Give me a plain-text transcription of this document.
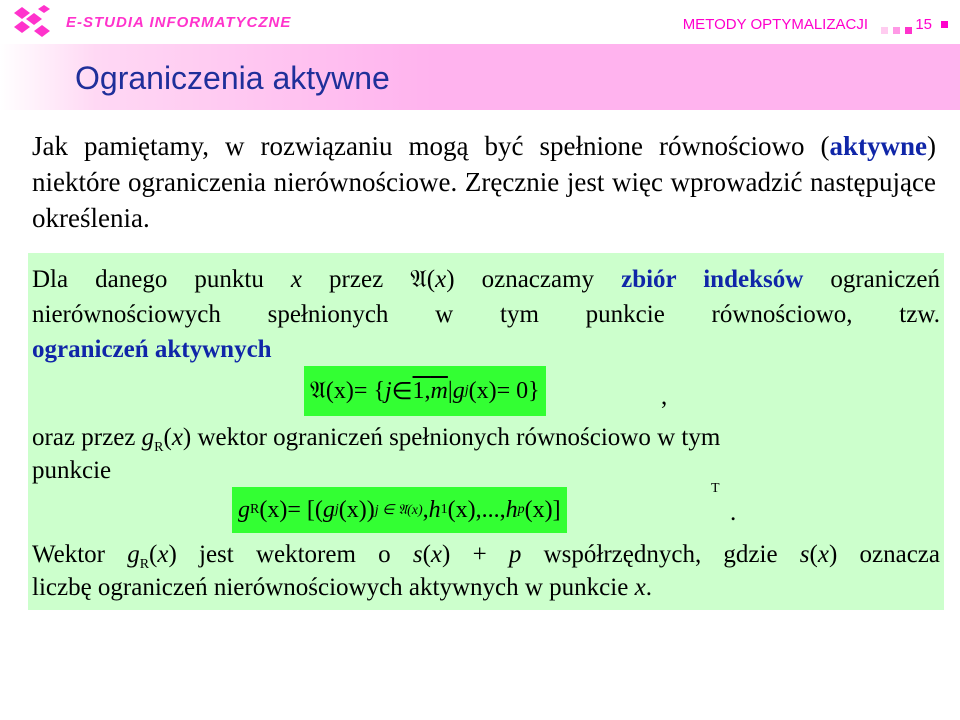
E-STUDIA INFORMATYCZNE	METODY OPTYMALIZACJI	15
Ograniczenia aktywne
Jak pamiętamy, w rozwiązaniu mogą być spełnione równościowo (aktywne) niektóre ograniczenia nierównościowe. Zręcznie jest więc wprowadzić następujące określenia.
Dla danego punktu x przez 𝔄(x) oznaczamy zbiór indeksów ograniczeń
nierównościowych spełnionych w tym punkcie równościowo, tzw.
ograniczeń aktywnych
𝔄 (x) = { j ∈ 1,m | g j (x) = 0}	,
oraz przez $g_R(x)$ wektor ograniczeń spełnionych równościowo w tym
punkcie
g R (x) = [( g j (x)) j ∈ 𝔄(x) , h 1 (x),..., h p (x)]
T
.
Wektor $g_R(x)$ jest wektorem o s(x) + p współrzędnych, gdzie s(x) oznacza
liczbę ograniczeń nierównościowych aktywnych w punkcie x.
